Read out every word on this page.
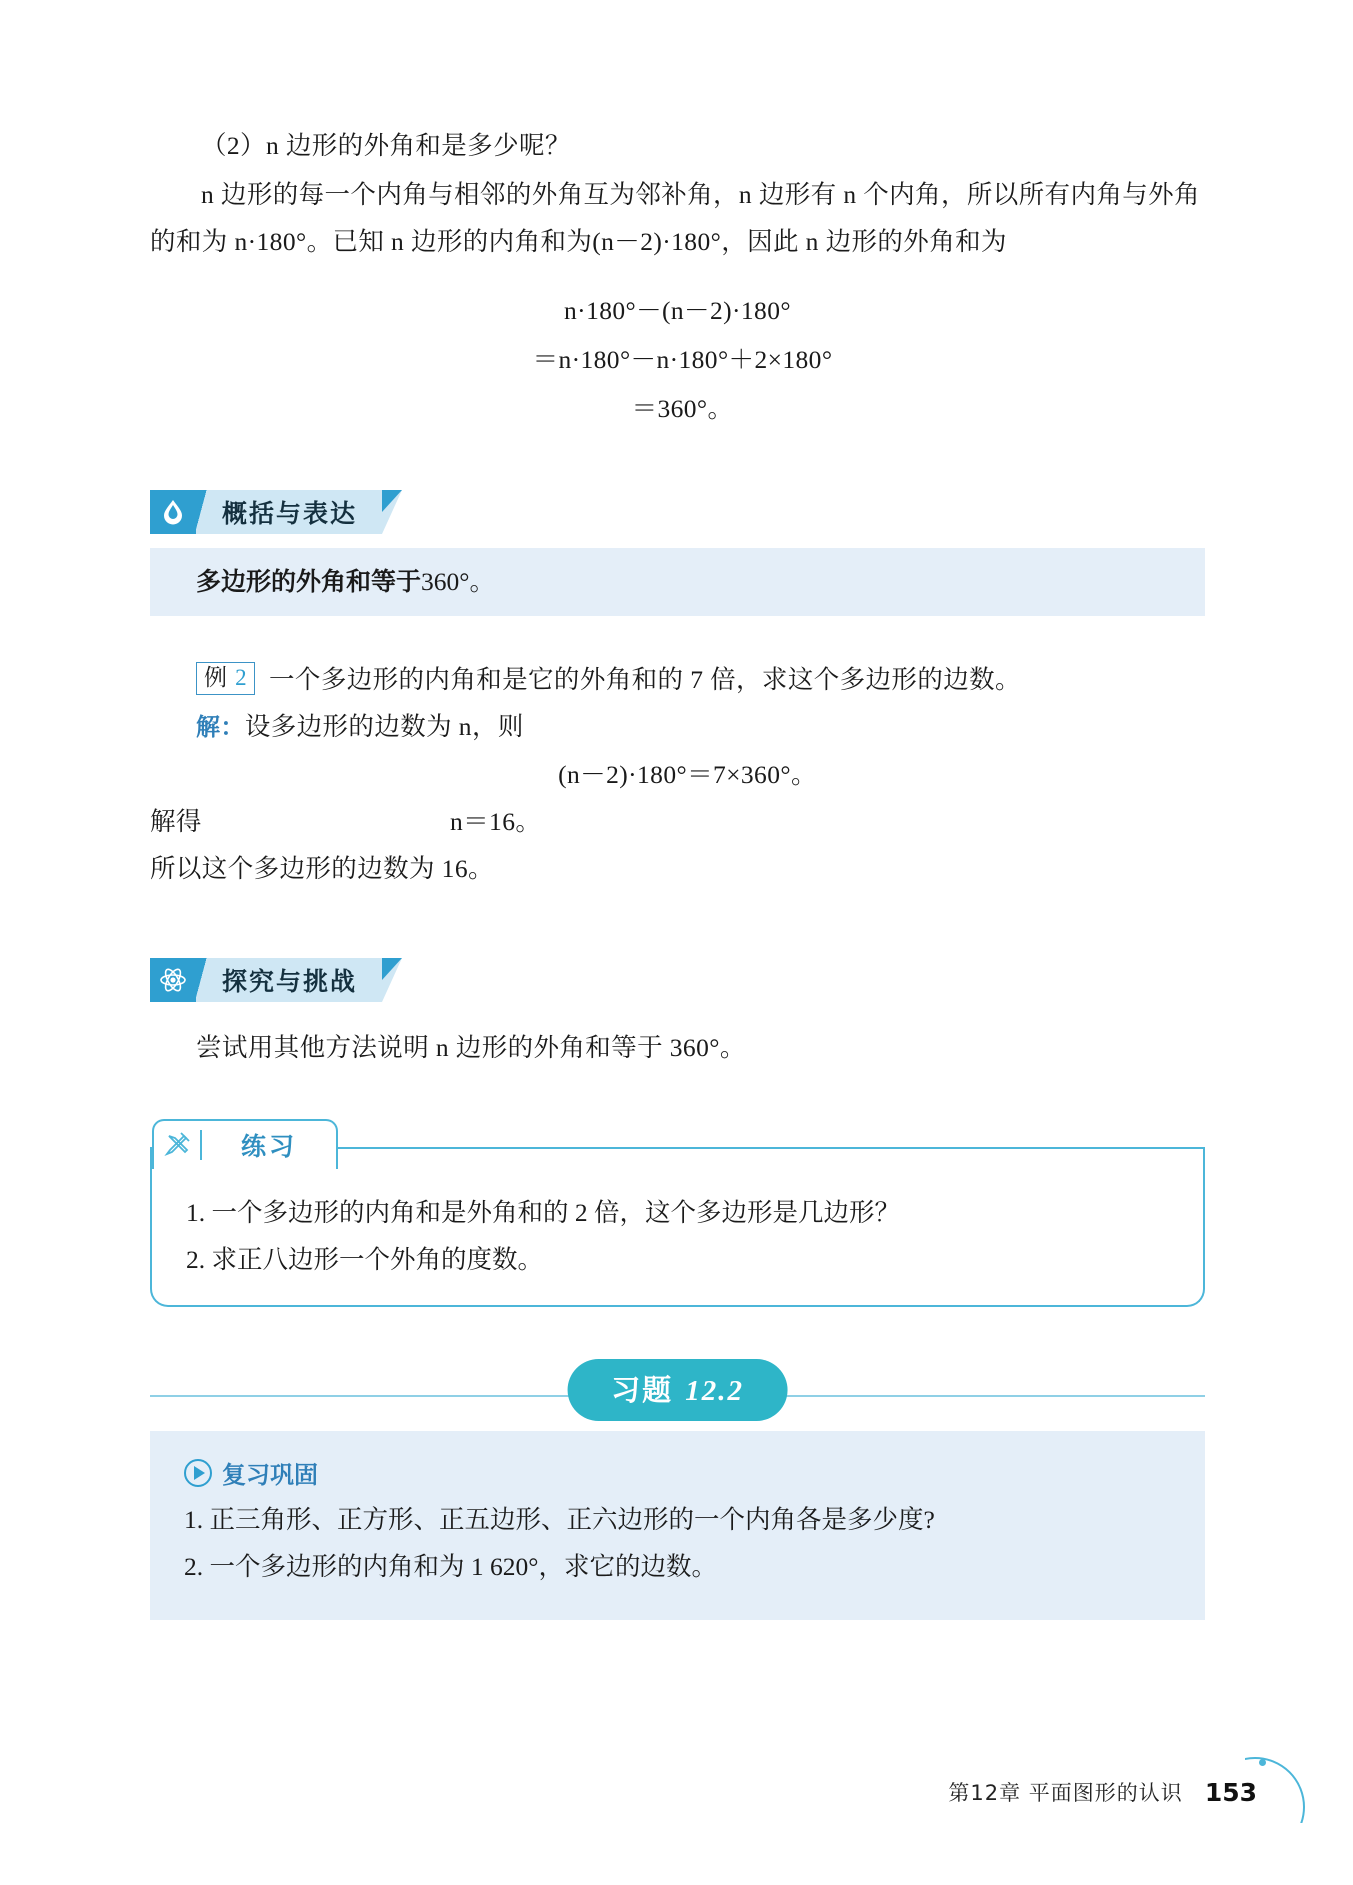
（2）n 边形的外角和是多少呢？
n 边形的每一个内角与相邻的外角互为邻补角，n 边形有 n 个内角，所以所有内角与外角的和为 n·180°。已知 n 边形的内角和为(n－2)·180°，因此 n 边形的外角和为
n·180°－(n－2)·180°
＝n·180°－n·180°＋2×180°
＝360°。
概括与表达
多边形的外角和等于360°。
例 2 一个多边形的内角和是它的外角和的 7 倍，求这个多边形的边数。
解：设多边形的边数为 n，则
(n－2)·180°＝7×360°。
解得	n＝16。
所以这个多边形的边数为 16。
探究与挑战
尝试用其他方法说明 n 边形的外角和等于 360°。
练习
1. 一个多边形的内角和是外角和的 2 倍，这个多边形是几边形？
2. 求正八边形一个外角的度数。
习题 12.2
复习巩固
1. 正三角形、正方形、正五边形、正六边形的一个内角各是多少度?
2. 一个多边形的内角和为 1 620°，求它的边数。
第12章 平面图形的认识 153
